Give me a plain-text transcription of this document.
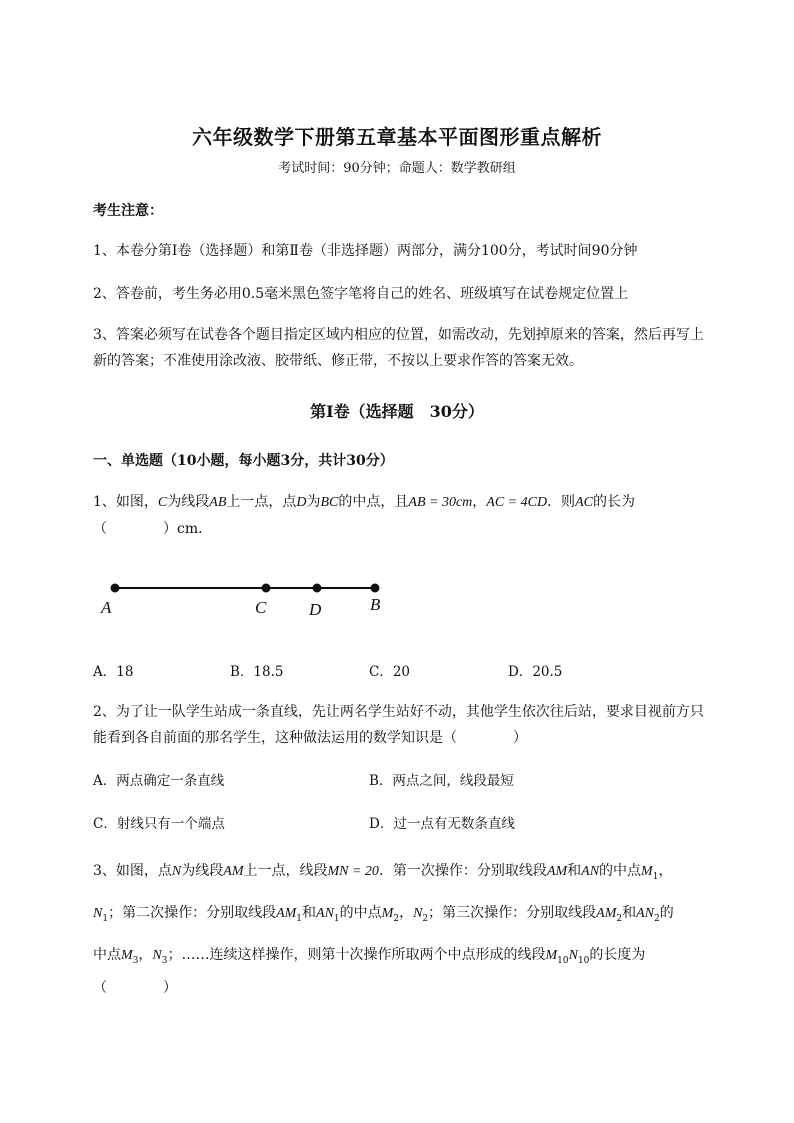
六年级数学下册第五章基本平面图形重点解析
考试时间：90分钟；命题人：数学教研组
考生注意：
1、本卷分第Ⅰ卷（选择题）和第Ⅱ卷（非选择题）两部分，满分100分，考试时间90分钟
2、答卷前，考生务必用0.5毫米黑色签字笔将自己的姓名、班级填写在试卷规定位置上
3、答案必须写在试卷各个题目指定区域内相应的位置，如需改动，先划掉原来的答案，然后再写上新的答案；不准使用涂改液、胶带纸、修正带，不按以上要求作答的答案无效。
第Ⅰ卷（选择题　30分）
一、单选题（10小题，每小题3分，共计30分）
1、如图，C为线段AB上一点，点D为BC的中点，且AB = 30cm，AC = 4CD．则AC的长为
（　　　　）cm．
A	C	D	B
A．18	B．18.5	C．20	D．20.5
2、为了让一队学生站成一条直线，先让两名学生站好不动，其他学生依次往后站，要求目视前方只能看到各自前面的那名学生，这种做法运用的数学知识是（　　　　）
A．两点确定一条直线	B．两点之间，线段最短
C．射线只有一个端点	D．过一点有无数条直线
3、如图，点N为线段AM上一点，线段MN = 20．第一次操作：分别取线段AM和AN的中点$M_1$，
$N_1$；第二次操作：分别取线段$AM_1$和$AN_1$的中点$M_2$，$N_2$；第三次操作：分别取线段$AM_2$和$AN_2$的
中点$M_3$，$N_3$；……连续这样操作，则第十次操作所取两个中点形成的线段$M_{10}N_{10}$的长度为
（　　　　）
